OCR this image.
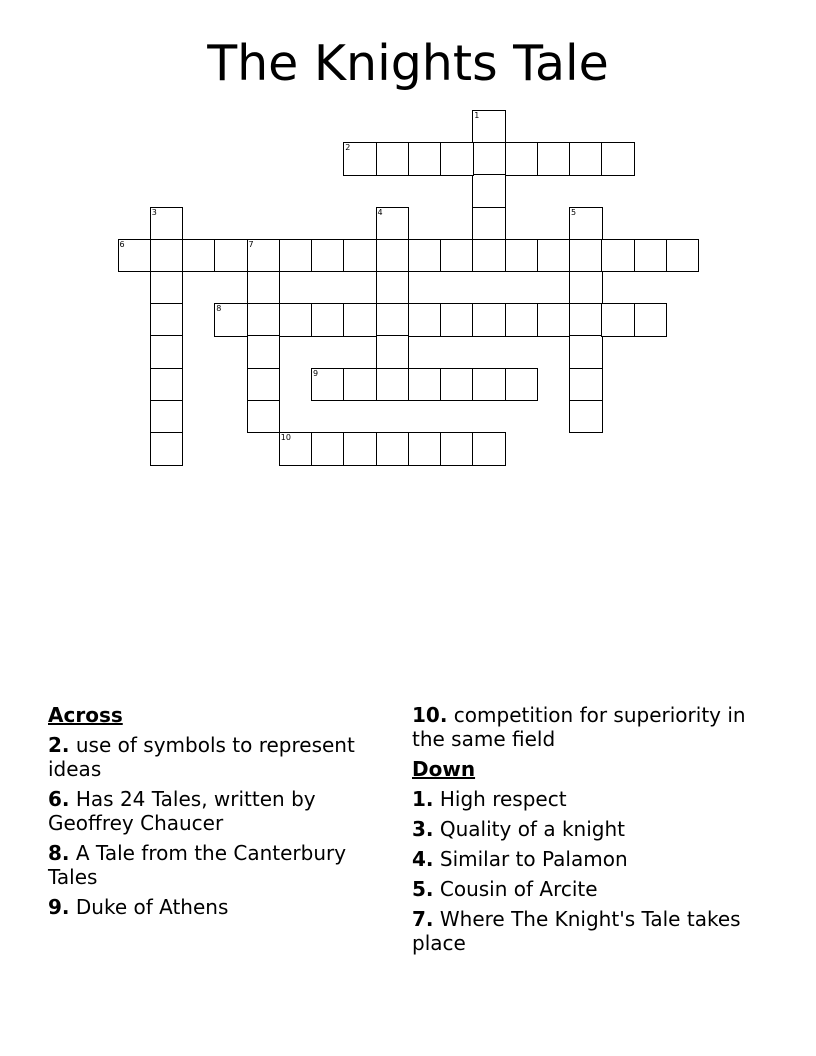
The Knights Tale
1
2
3	4	5
6	7
8
9
10
Across
2. use of symbols to represent ideas
6. Has 24 Tales, written by Geoffrey Chaucer
8. A Tale from the Canterbury Tales
9. Duke of Athens
10. competition for superiority in the same field
Down
1. High respect
3. Quality of a knight
4. Similar to Palamon
5. Cousin of Arcite
7. Where The Knight's Tale takes place
